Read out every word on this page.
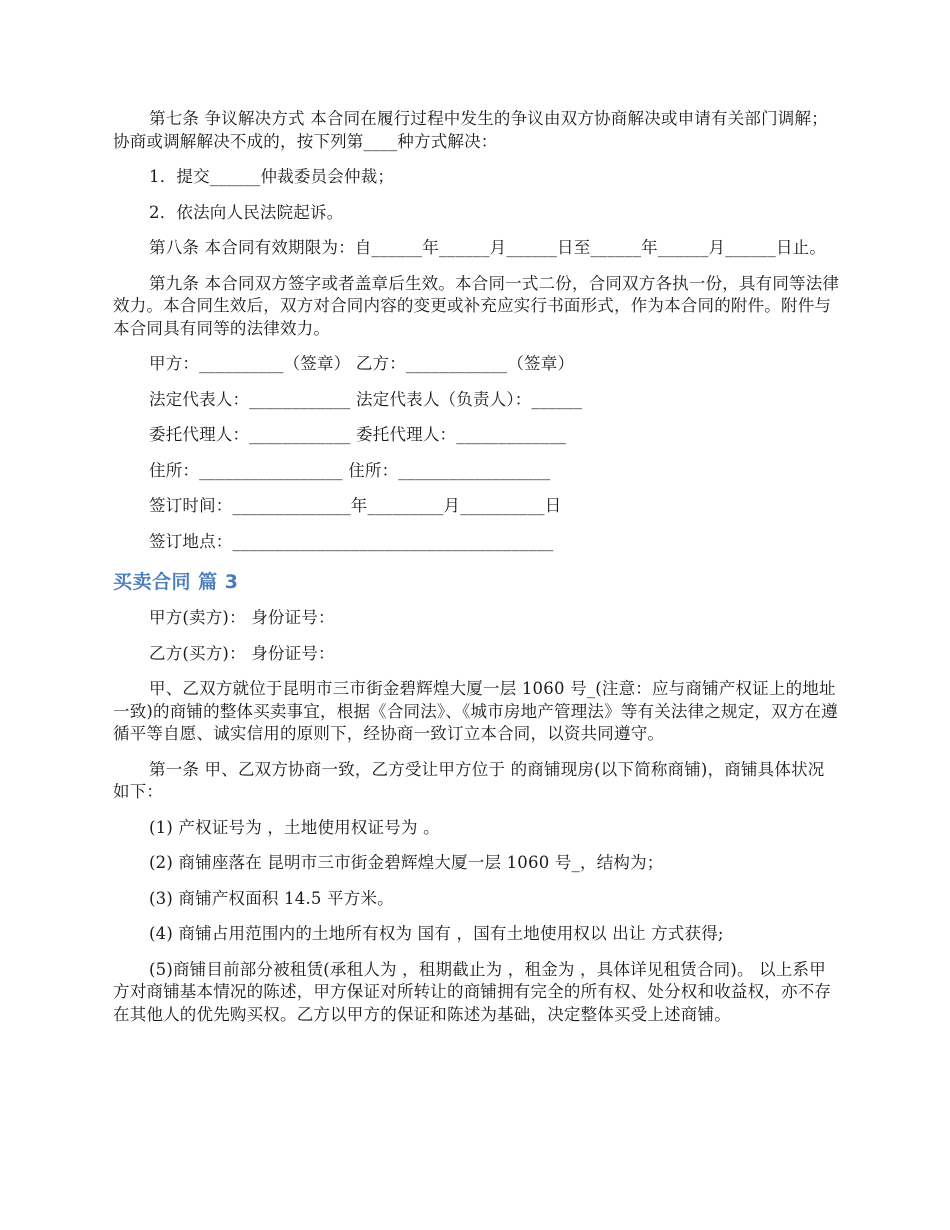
第七条 争议解决方式 本合同在履行过程中发生的争议由双方协商解决或申请有关部门调解；协商或调解解决不成的，按下列第____种方式解决：

1．提交______仲裁委员会仲裁；

2．依法向人民法院起诉。

第八条 本合同有效期限为：自______年______月______日至______年______月______日止。

第九条 本合同双方签字或者盖章后生效。本合同一式二份，合同双方各执一份，具有同等法律效力。本合同生效后，双方对合同内容的变更或补充应实行书面形式，作为本合同的附件。附件与本合同具有同等的法律效力。

甲方：__________（签章） 乙方：____________（签章）

法定代表人：____________ 法定代表人（负责人）：______

委托代理人：____________ 委托代理人：_____________

住所：_________________ 住所：__________________

签订时间：______________年_________月__________日

签订地点：______________________________________

买卖合同 篇 3

甲方(卖方)： 身份证号：

乙方(买方)： 身份证号：

甲、乙双方就位于昆明市三市街金碧辉煌大厦一层 1060 号_(注意：应与商铺产权证上的地址一致)的商铺的整体买卖事宜，根据《合同法》、《城市房地产管理法》等有关法律之规定，双方在遵循平等自愿、诚实信用的原则下，经协商一致订立本合同，以资共同遵守。

第一条 甲、乙双方协商一致，乙方受让甲方位于 的商铺现房(以下简称商铺)，商铺具体状况如下：

(1) 产权证号为 ，土地使用权证号为 。

(2) 商铺座落在 昆明市三市街金碧辉煌大厦一层 1060 号_，结构为；

(3) 商铺产权面积 14.5 平方米。

(4) 商铺占用范围内的土地所有权为 国有 ，国有土地使用权以 出让 方式获得;

(5)商铺目前部分被租赁(承租人为 ，租期截止为 ，租金为 ，具体详见租赁合同)。 以上系甲方对商铺基本情况的陈述，甲方保证对所转让的商铺拥有完全的所有权、处分权和收益权，亦不存在其他人的优先购买权。乙方以甲方的保证和陈述为基础，决定整体买受上述商铺。
